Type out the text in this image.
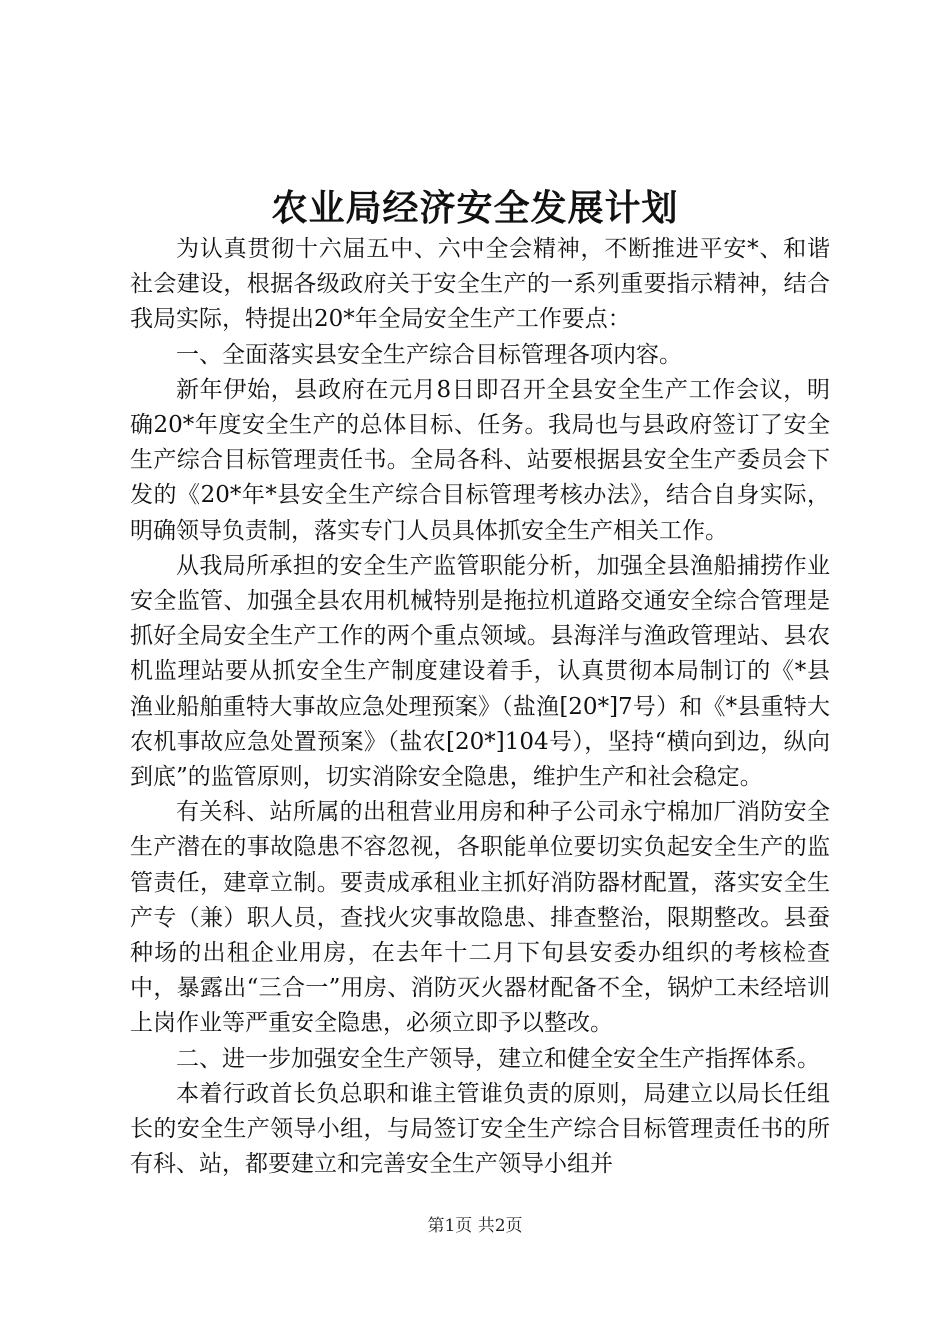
农业局经济安全发展计划

为认真贯彻十六届五中、六中全会精神，不断推进平安*、和谐社会建设，根据各级政府关于安全生产的一系列重要指示精神，结合我局实际，特提出20*年全局安全生产工作要点：

一、全面落实县安全生产综合目标管理各项内容。

新年伊始，县政府在元月8日即召开全县安全生产工作会议，明确20*年度安全生产的总体目标、任务。我局也与县政府签订了安全生产综合目标管理责任书。全局各科、站要根据县安全生产委员会下发的《20*年*县安全生产综合目标管理考核办法》，结合自身实际，明确领导负责制，落实专门人员具体抓安全生产相关工作。

从我局所承担的安全生产监管职能分析，加强全县渔船捕捞作业安全监管、加强全县农用机械特别是拖拉机道路交通安全综合管理是抓好全局安全生产工作的两个重点领域。县海洋与渔政管理站、县农机监理站要从抓安全生产制度建设着手，认真贯彻本局制订的《*县渔业船舶重特大事故应急处理预案》（盐渔[20*]7号）和《*县重特大农机事故应急处置预案》（盐农[20*]104号），坚持“横向到边，纵向到底”的监管原则，切实消除安全隐患，维护生产和社会稳定。

有关科、站所属的出租营业用房和种子公司永宁棉加厂消防安全生产潜在的事故隐患不容忽视，各职能单位要切实负起安全生产的监管责任，建章立制。要责成承租业主抓好消防器材配置，落实安全生产专（兼）职人员，查找火灾事故隐患、排查整治，限期整改。县蚕种场的出租企业用房，在去年十二月下旬县安委办组织的考核检查中，暴露出“三合一”用房、消防灭火器材配备不全，锅炉工未经培训上岗作业等严重安全隐患，必须立即予以整改。

二、进一步加强安全生产领导，建立和健全安全生产指挥体系。

本着行政首长负总职和谁主管谁负责的原则，局建立以局长任组长的安全生产领导小组，与局签订安全生产综合目标管理责任书的所有科、站，都要建立和完善安全生产领导小组并

第1页 共2页
